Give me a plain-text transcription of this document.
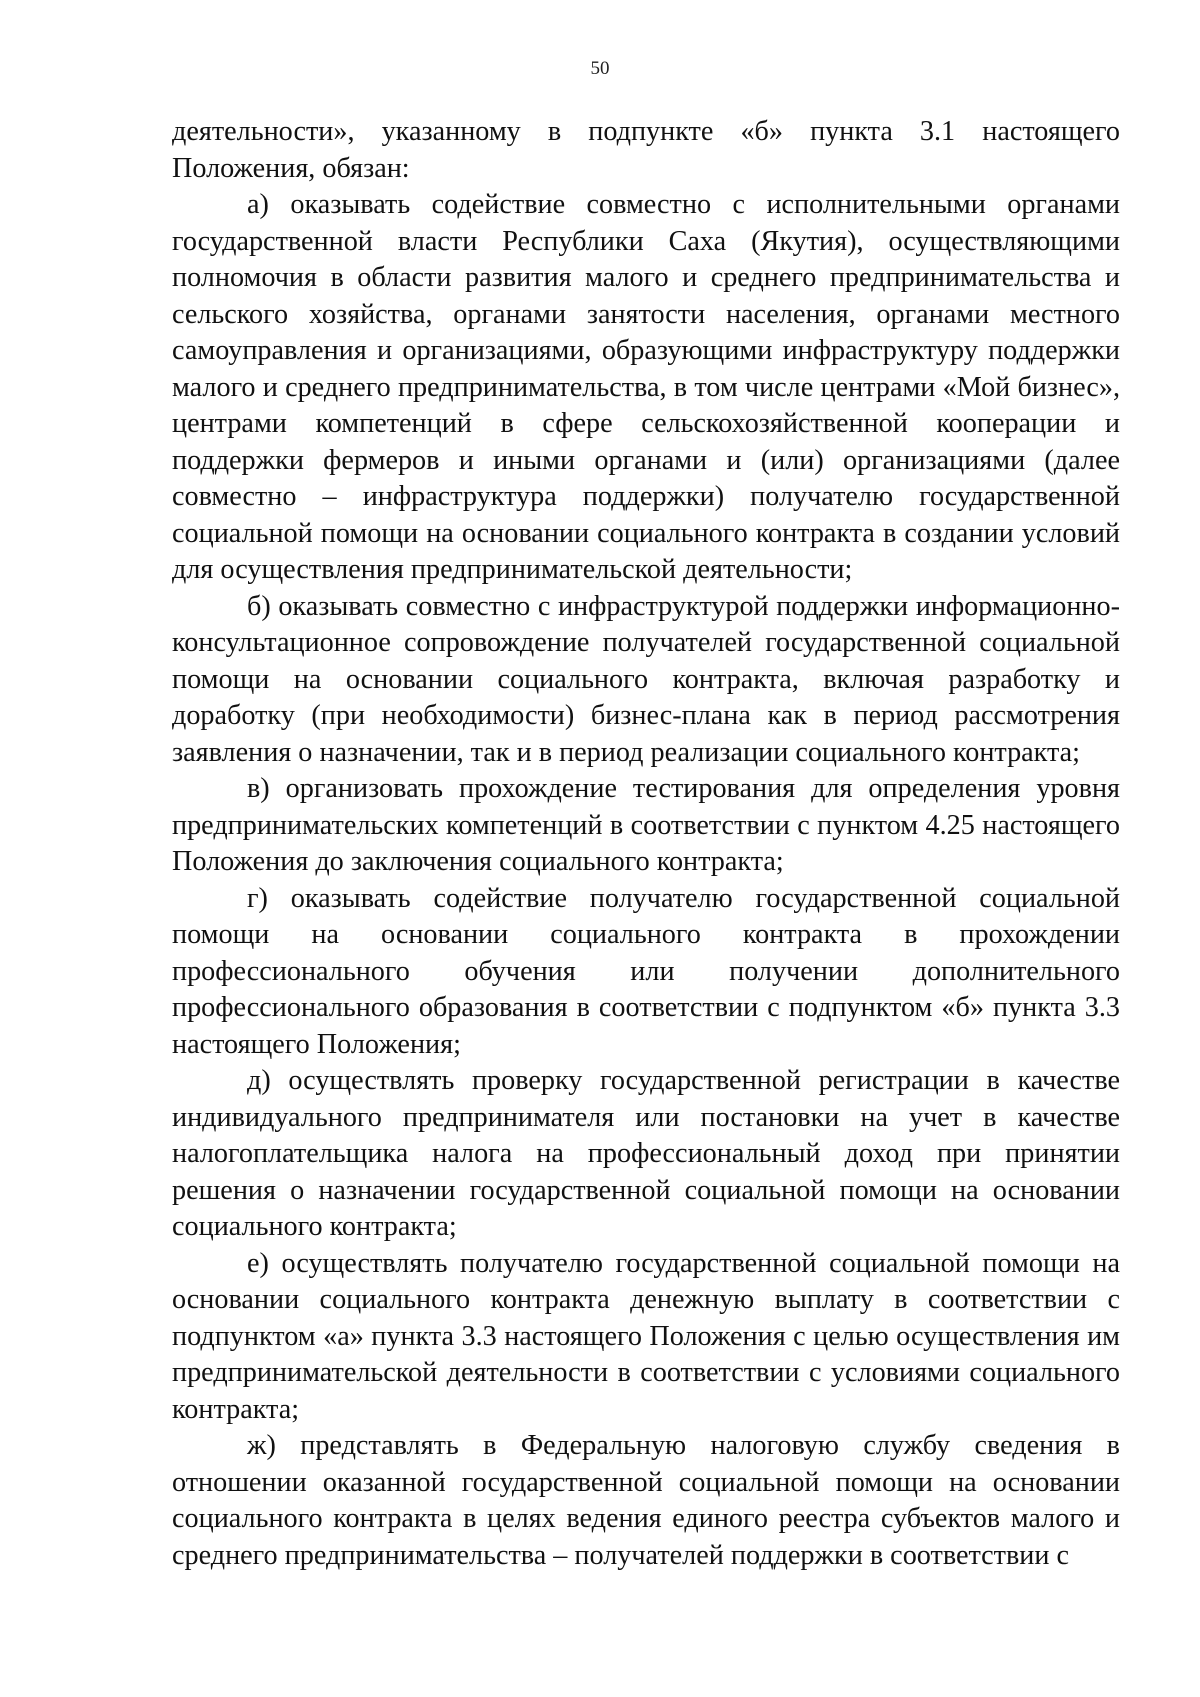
50

деятельности», указанному в подпункте «б» пункта 3.1 настоящего Положения, обязан:

а) оказывать содействие совместно с исполнительными органами государственной власти Республики Саха (Якутия), осуществляющими полномочия в области развития малого и среднего предпринимательства и сельского хозяйства, органами занятости населения, органами местного самоуправления и организациями, образующими инфраструктуру поддержки малого и среднего предпринимательства, в том числе центрами «Мой бизнес», центрами компетенций в сфере сельскохозяйственной кооперации и поддержки фермеров и иными органами и (или) организациями (далее совместно – инфраструктура поддержки) получателю государственной социальной помощи на основании социального контракта в создании условий для осуществления предпринимательской деятельности;

б) оказывать совместно с инфраструктурой поддержки информационно-консультационное сопровождение получателей государственной социальной помощи на основании социального контракта, включая разработку и доработку (при необходимости) бизнес-плана как в период рассмотрения заявления о назначении, так и в период реализации социального контракта;

в) организовать прохождение тестирования для определения уровня предпринимательских компетенций в соответствии с пунктом 4.25 настоящего Положения до заключения социального контракта;

г) оказывать содействие получателю государственной социальной помощи на основании социального контракта в прохождении профессионального обучения или получении дополнительного профессионального образования в соответствии с подпунктом «б» пункта 3.3 настоящего Положения;

д) осуществлять проверку государственной регистрации в качестве индивидуального предпринимателя или постановки на учет в качестве налогоплательщика налога на профессиональный доход при принятии решения о назначении государственной социальной помощи на основании социального контракта;

е) осуществлять получателю государственной социальной помощи на основании социального контракта денежную выплату в соответствии с подпунктом «а» пункта 3.3 настоящего Положения с целью осуществления им предпринимательской деятельности в соответствии с условиями социального контракта;

ж) представлять в Федеральную налоговую службу сведения в отношении оказанной государственной социальной помощи на основании социального контракта в целях ведения единого реестра субъектов малого и среднего предпринимательства – получателей поддержки в соответствии с
